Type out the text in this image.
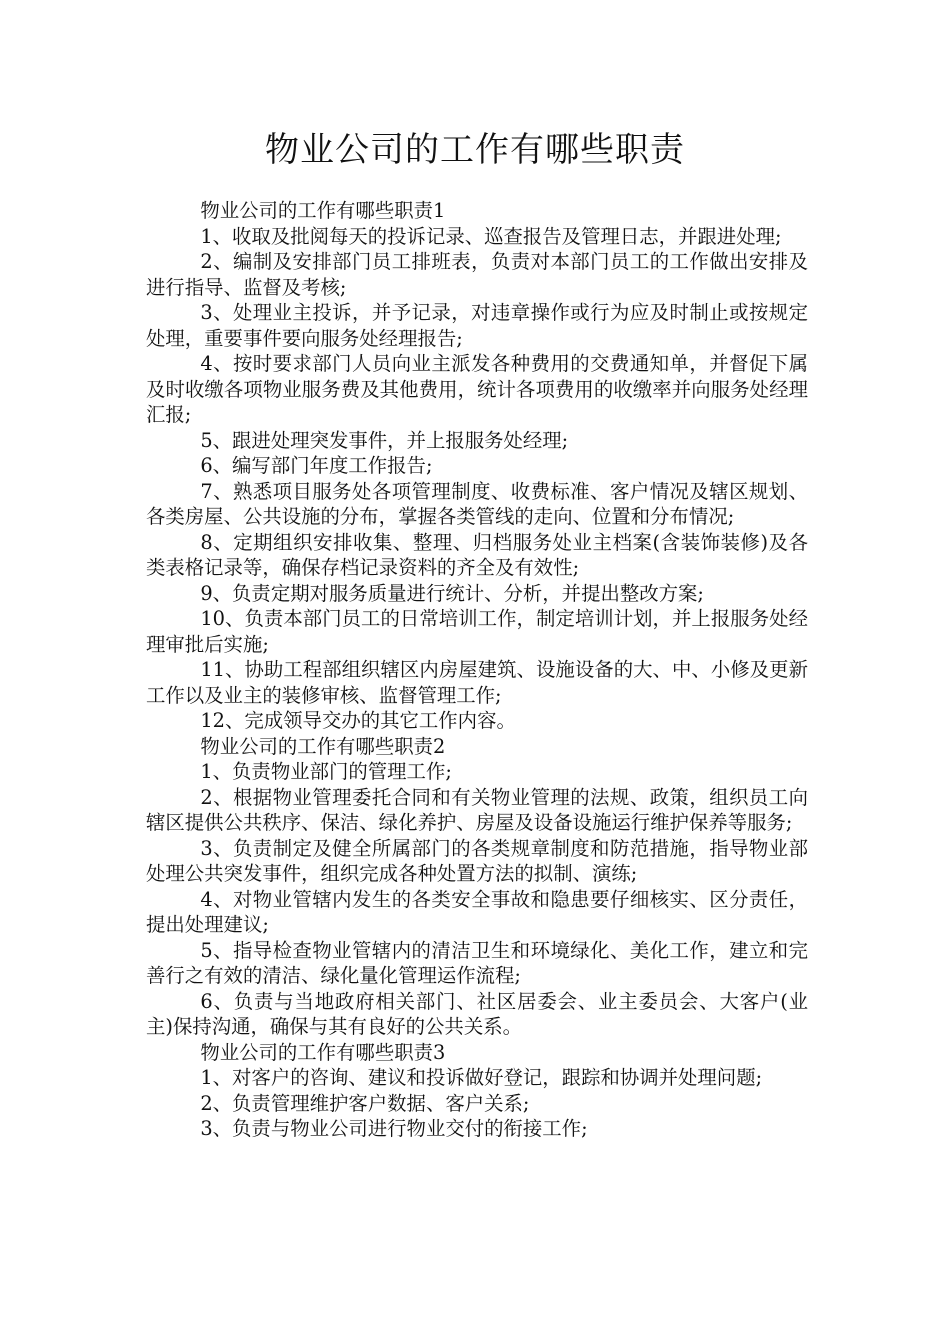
物业公司的工作有哪些职责

物业公司的工作有哪些职责1

1、收取及批阅每天的投诉记录、巡查报告及管理日志，并跟进处理;

2、编制及安排部门员工排班表，负责对本部门员工的工作做出安排及进行指导、监督及考核;

3、处理业主投诉，并予记录，对违章操作或行为应及时制止或按规定处理，重要事件要向服务处经理报告;

4、按时要求部门人员向业主派发各种费用的交费通知单，并督促下属及时收缴各项物业服务费及其他费用，统计各项费用的收缴率并向服务处经理汇报;

5、跟进处理突发事件，并上报服务处经理;

6、编写部门年度工作报告;

7、熟悉项目服务处各项管理制度、收费标准、客户情况及辖区规划、各类房屋、公共设施的分布，掌握各类管线的走向、位置和分布情况;

8、定期组织安排收集、整理、归档服务处业主档案(含装饰装修)及各类表格记录等，确保存档记录资料的齐全及有效性;

9、负责定期对服务质量进行统计、分析，并提出整改方案;

10、负责本部门员工的日常培训工作，制定培训计划，并上报服务处经理审批后实施;

11、协助工程部组织辖区内房屋建筑、设施设备的大、中、小修及更新工作以及业主的装修审核、监督管理工作;

12、完成领导交办的其它工作内容。

物业公司的工作有哪些职责2

1、负责物业部门的管理工作;

2、根据物业管理委托合同和有关物业管理的法规、政策，组织员工向辖区提供公共秩序、保洁、绿化养护、房屋及设备设施运行维护保养等服务;

3、负责制定及健全所属部门的各类规章制度和防范措施，指导物业部处理公共突发事件，组织完成各种处置方法的拟制、演练;

4、对物业管辖内发生的各类安全事故和隐患要仔细核实、区分责任，提出处理建议;

5、指导检查物业管辖内的清洁卫生和环境绿化、美化工作，建立和完善行之有效的清洁、绿化量化管理运作流程;

6、负责与当地政府相关部门、社区居委会、业主委员会、大客户(业主)保持沟通，确保与其有良好的公共关系。

物业公司的工作有哪些职责3

1、对客户的咨询、建议和投诉做好登记，跟踪和协调并处理问题;

2、负责管理维护客户数据、客户关系;

3、负责与物业公司进行物业交付的衔接工作;
